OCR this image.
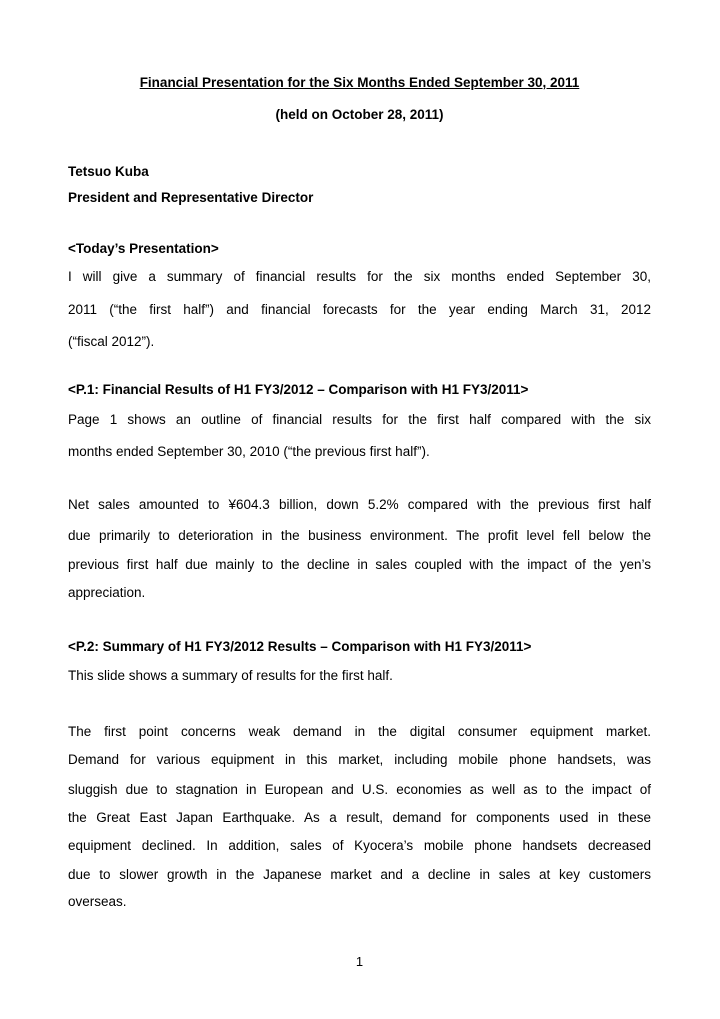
Financial Presentation for the Six Months Ended September 30, 2011
(held on October 28, 2011)
Tetsuo Kuba
President and Representative Director
<Today’s Presentation>
I will give a summary of financial results for the six months ended September 30,
2011 (“the first half”) and financial forecasts for the year ending March 31, 2012
(“fiscal 2012”).
<P.1: Financial Results of H1 FY3/2012 – Comparison with H1 FY3/2011>
Page 1 shows an outline of financial results for the first half compared with the six
months ended September 30, 2010 (“the previous first half”).
Net sales amounted to ¥604.3 billion, down 5.2% compared with the previous first half
due primarily to deterioration in the business environment. The profit level fell below the
previous first half due mainly to the decline in sales coupled with the impact of the yen’s
appreciation.
<P.2: Summary of H1 FY3/2012 Results – Comparison with H1 FY3/2011>
This slide shows a summary of results for the first half.
The first point concerns weak demand in the digital consumer equipment market.
Demand for various equipment in this market, including mobile phone handsets, was
sluggish due to stagnation in European and U.S. economies as well as to the impact of
the Great East Japan Earthquake. As a result, demand for components used in these
equipment declined. In addition, sales of Kyocera’s mobile phone handsets decreased
due to slower growth in the Japanese market and a decline in sales at key customers
overseas.
1
